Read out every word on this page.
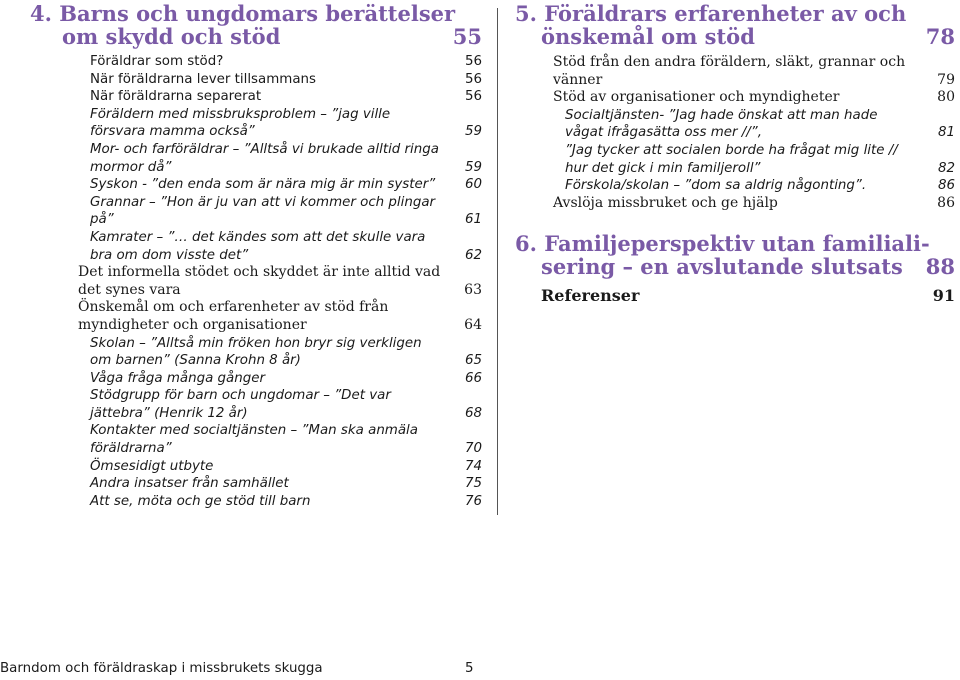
4. Barns och ungdomars berättelser
om skydd och stöd	55
Föräldrar som stöd?	56
När föräldrarna lever tillsammans	56
När föräldrarna separerat	56
Föräldern med missbruksproblem – ”jag ville försvara mamma också”	59
Mor- och farföräldrar – ”Alltså vi brukade alltid ringa mormor då”	59
Syskon - ”den enda som är nära mig är min syster”	60
Grannar – ”Hon är ju van att vi kommer och plingar på”	61
Kamrater – ”… det kändes som att det skulle vara bra om dom visste det”	62
Det informella stödet och skyddet är inte alltid vad det synes vara	63
Önskemål om och erfarenheter av stöd från myndigheter och organisationer	64
Skolan – ”Alltså min fröken hon bryr sig verkligen om barnen” (Sanna Krohn 8 år)	65
Våga fråga många gånger	66
Stödgrupp för barn och ungdomar – ”Det var jättebra” (Henrik 12 år)	68
Kontakter med socialtjänsten – ”Man ska anmäla föräldrarna”	70
Ömsesidigt utbyte	74
Andra insatser från samhället	75
Att se, möta och ge stöd till barn	76
5. Föräldrars erfarenheter av och
önskemål om stöd	78
Stöd från den andra föräldern, släkt, grannar och vänner	79
Stöd av organisationer och myndigheter	80
Socialtjänsten- ”Jag hade önskat att man hade vågat ifrågasätta oss mer //”,	81
”Jag tycker att socialen borde ha frågat mig lite // hur det gick i min familjeroll”	82
Förskola/skolan – ”dom sa aldrig någonting”.	86
Avslöja missbruket och ge hjälp	86
6. Familjeperspektiv utan familiali-
sering – en avslutande slutsats 88
Referenser	91
Barndom och föräldraskap i missbrukets skugga	5
